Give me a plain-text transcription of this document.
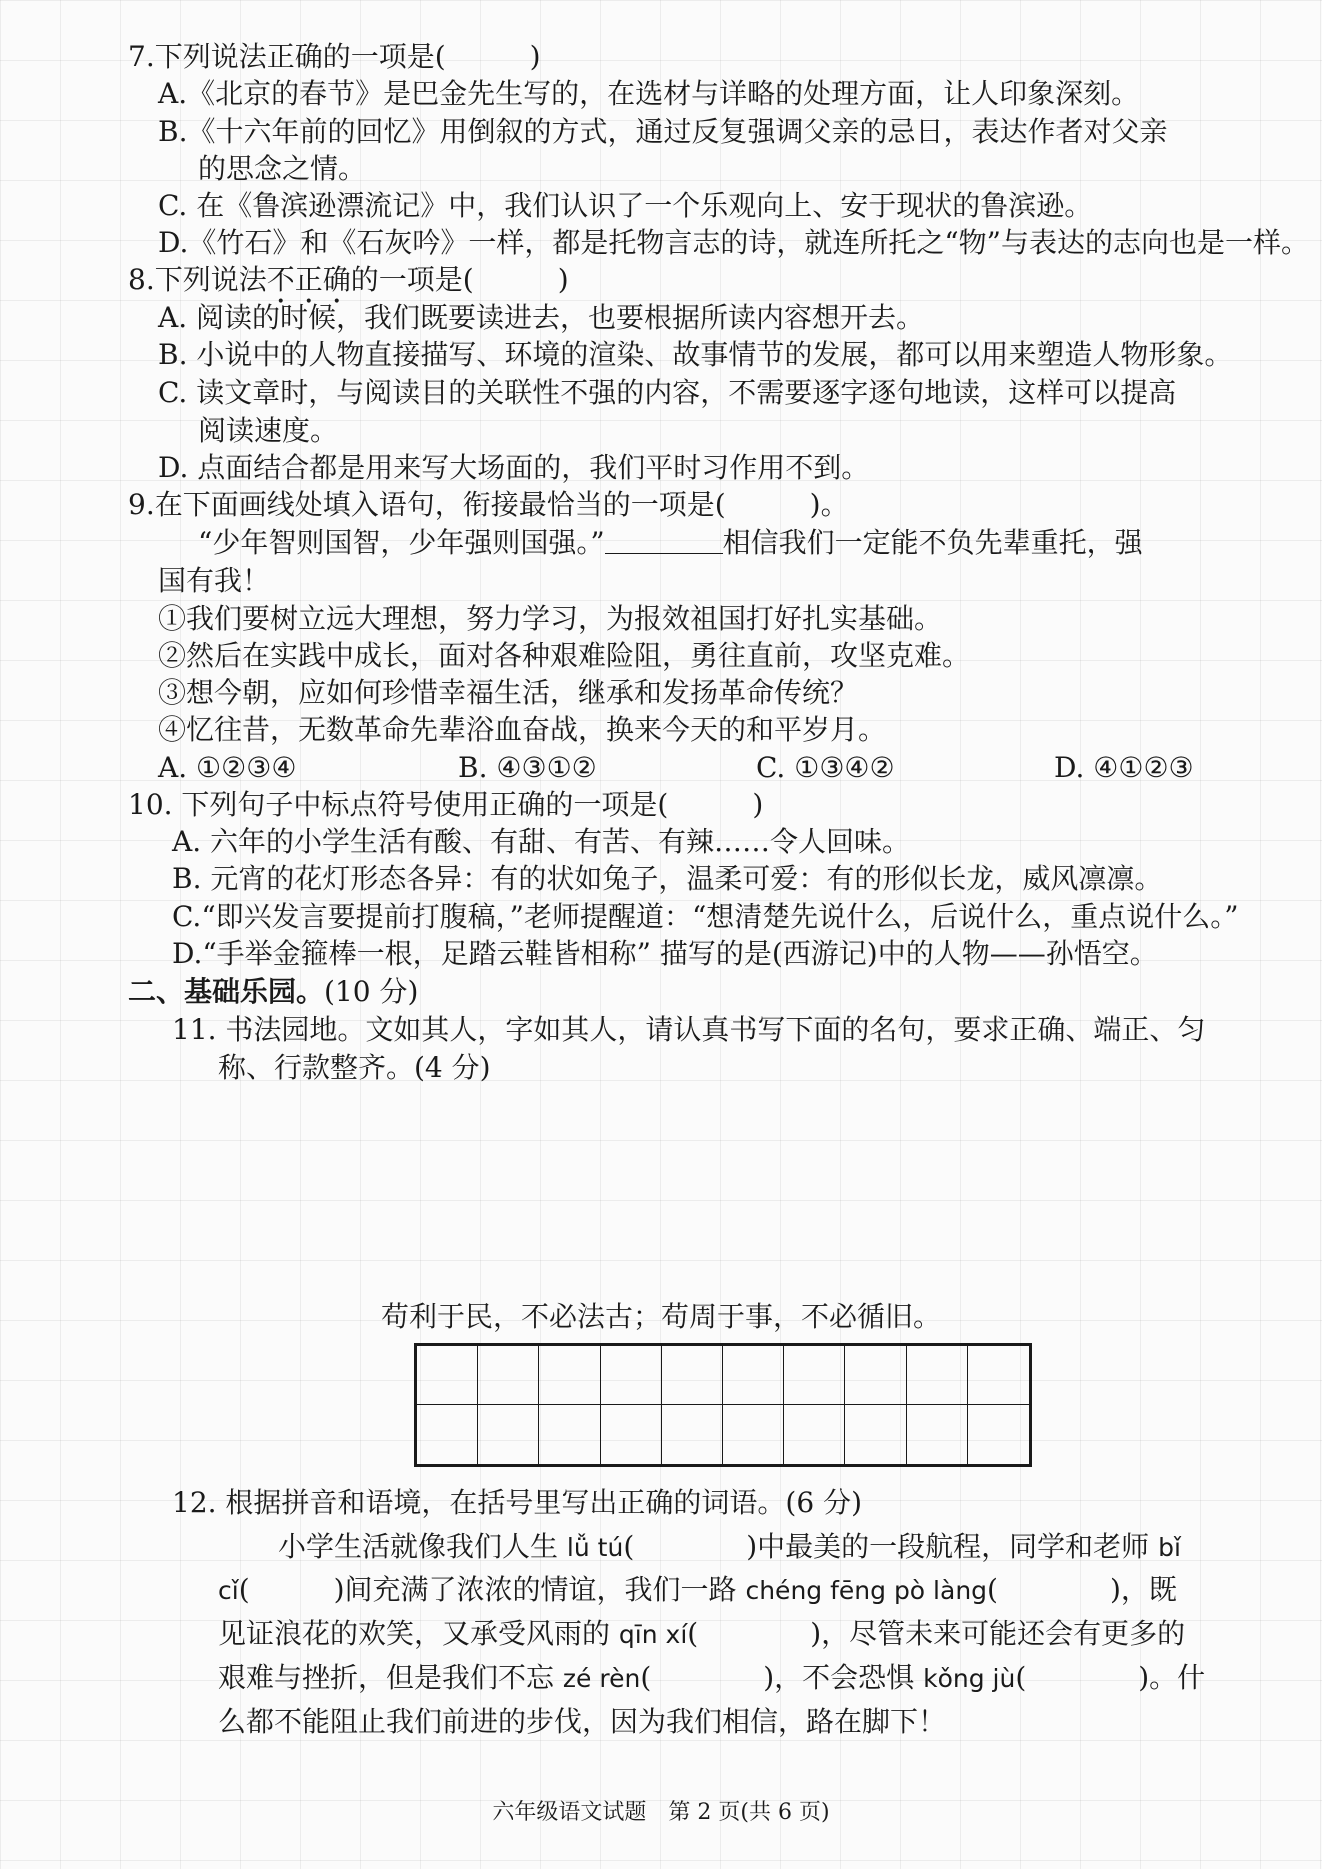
7.下列说法正确的一项是(　　　)
A.《北京的春节》是巴金先生写的，在选材与详略的处理方面，让人印象深刻。
B.《十六年前的回忆》用倒叙的方式，通过反复强调父亲的忌日，表达作者对父亲
的思念之情。
C. 在《鲁滨逊漂流记》中，我们认识了一个乐观向上、安于现状的鲁滨逊。
D.《竹石》和《石灰吟》一样，都是托物言志的诗，就连所托之“物”与表达的志向也是一样。
8.下列说法不正确的一项是(　　　)
A. 阅读的时候，我们既要读进去，也要根据所读内容想开去。
B. 小说中的人物直接描写、环境的渲染、故事情节的发展，都可以用来塑造人物形象。
C. 读文章时，与阅读目的关联性不强的内容，不需要逐字逐句地读，这样可以提高
阅读速度。
D. 点面结合都是用来写大场面的，我们平时习作用不到。
9.在下面画线处填入语句，衔接最恰当的一项是(　　　)。
“少年智则国智，少年强则国强。”	相信我们一定能不负先辈重托，强
国有我！
①我们要树立远大理想，努力学习，为报效祖国打好扎实基础。
②然后在实践中成长，面对各种艰难险阻，勇往直前，攻坚克难。
③想今朝，应如何珍惜幸福生活，继承和发扬革命传统？
④忆往昔，无数革命先辈浴血奋战，换来今天的和平岁月。
A. ①②③④	B. ④③①②	C. ①③④②	D. ④①②③
10. 下列句子中标点符号使用正确的一项是(　　　)
A. 六年的小学生活有酸、有甜、有苦、有辣……令人回味。
B. 元宵的花灯形态各异：有的状如兔子，温柔可爱：有的形似长龙，威风凛凛。
C.“即兴发言要提前打腹稿，”老师提醒道：“想清楚先说什么，后说什么，重点说什么。”
D.“手举金箍棒一根，足踏云鞋皆相称” 描写的是(西游记)中的人物——孙悟空。
二、基础乐园。(10 分)
11. 书法园地。文如其人，字如其人，请认真书写下面的名句，要求正确、端正、匀
称、行款整齐。(4 分)
苟利于民，不必法古；苟周于事，不必循旧。
12. 根据拼音和语境，在括号里写出正确的词语。(6 分)
小学生活就像我们人生 lǚ tú(　　　　)中最美的一段航程，同学和老师 bǐ
cǐ(　　　)间充满了浓浓的情谊，我们一路 chéng fēng pò làng(　　　　)，既
见证浪花的欢笑，又承受风雨的 qīn xí(　　　　)，尽管未来可能还会有更多的
艰难与挫折，但是我们不忘 zé rèn(　　　　)，不会恐惧 kǒng jù(　　　　)。什
么都不能阻止我们前进的步伐，因为我们相信，路在脚下！
六年级语文试题　第 2 页(共 6 页)
